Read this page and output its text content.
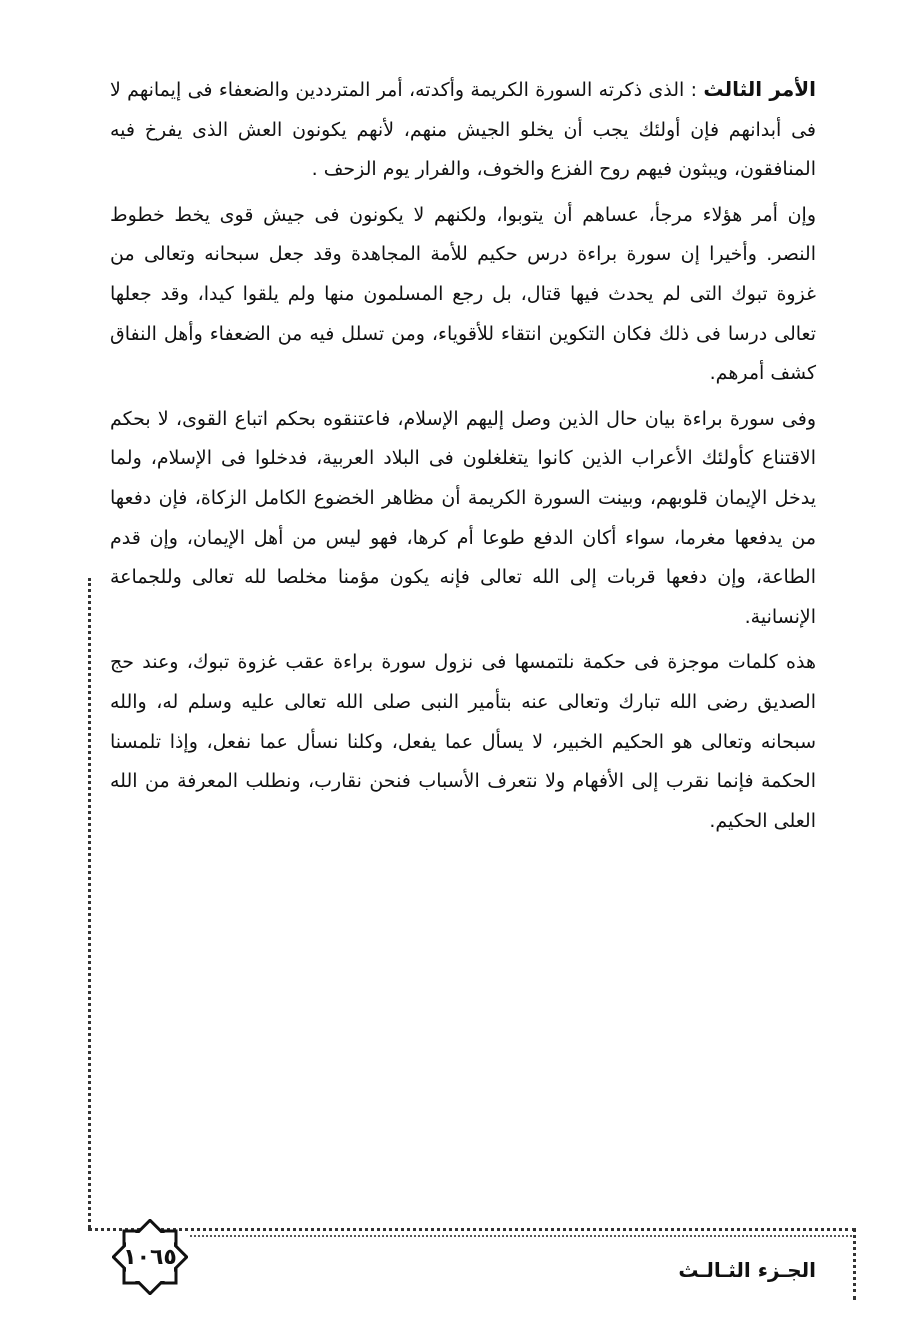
الأمر الثالث : الذى ذكرته السورة الكريمة وأكدته، أمر المترددين والضعفاء فى إيمانهم لا فى أبدانهم فإن أولئك يجب أن يخلو الجيش منهم، لأنهم يكونون العش الذى يفرخ فيه المنافقون، ويبثون فيهم روح الفزع والخوف، والفرار يوم الزحف .

وإن أمر هؤلاء مرجأ، عساهم أن يتوبوا، ولكنهم لا يكونون فى جيش قوى يخط خطوط النصر. وأخيرا إن سورة براءة درس حكيم للأمة المجاهدة وقد جعل سبحانه وتعالى من غزوة تبوك التى لم يحدث فيها قتال، بل رجع المسلمون منها ولم يلقوا كيدا، وقد جعلها تعالى درسا فى ذلك فكان التكوين انتقاء للأقوياء، ومن تسلل فيه من الضعفاء وأهل النفاق كشف أمرهم.

وفى سورة براءة بيان حال الذين وصل إليهم الإسلام، فاعتنقوه بحكم اتباع القوى، لا بحكم الاقتناع كأولئك الأعراب الذين كانوا يتغلغلون فى البلاد العربية، فدخلوا فى الإسلام، ولما يدخل الإيمان قلوبهم، وبينت السورة الكريمة أن مظاهر الخضوع الكامل الزكاة، فإن دفعها من يدفعها مغرما، سواء أكان الدفع طوعا أم كرها، فهو ليس من أهل الإيمان، وإن قدم الطاعة، وإن دفعها قربات إلى الله تعالى فإنه يكون مؤمنا مخلصا لله تعالى وللجماعة الإنسانية.

هذه كلمات موجزة فى حكمة نلتمسها فى نزول سورة براءة عقب غزوة تبوك، وعند حج الصديق رضى الله تبارك وتعالى عنه بتأمير النبى صلى الله تعالى عليه وسلم له، والله سبحانه وتعالى هو الحكيم الخبير، لا يسأل عما يفعل، وكلنا نسأل عما نفعل، وإذا تلمسنا الحكمة فإنما نقرب إلى الأفهام ولا نتعرف الأسباب فنحن نقارب، ونطلب المعرفة من الله العلى الحكيم.

١٠٦٥
الجـزء الثـالـث
